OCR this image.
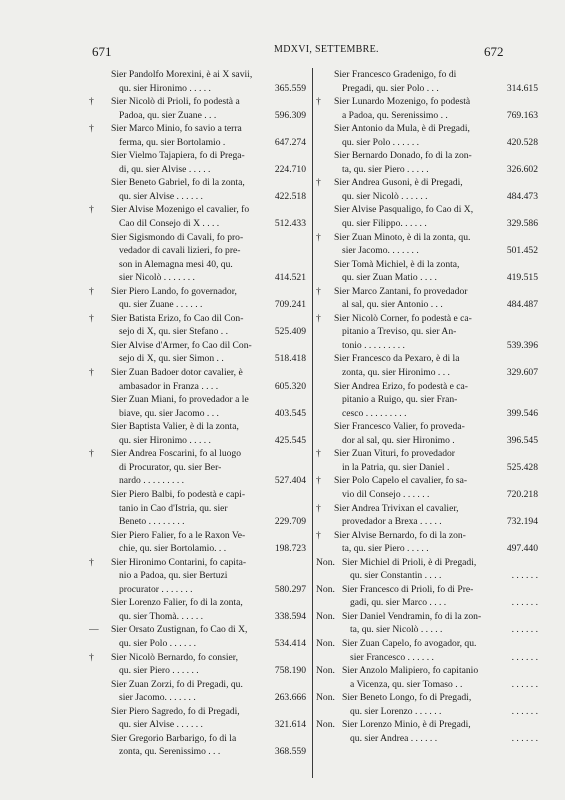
671	MDXVI, SETTEMBRE.	672
Sier Pandolfo Morexini, è ai X savii,
qu. sier Hironimo . . . . .	365.559
†	Sier Nicolò di Prioli, fo podestà a
Padoa, qu. sier Zuane . . .	596.309
†	Sier Marco Minio, fo savio a terra
ferma, qu. sier Bortolamio .	647.274
Sier Vielmo Tajapiera, fo di Prega-
di, qu. sier Alvise . . . . .	224.710
Sier Beneto Gabriel, fo di la zonta,
qu. sier Alvise . . . . . .	422.518
†	Sier Alvise Mozenigo el cavalier, fo
Cao dil Consejo di X . . . .	512.433
Sier Sigismondo di Cavali, fo pro-
vedador di cavali lizieri, fo pre-
son in Alemagna mesi 40, qu.
sier Nicolò . . . . . . .	414.521
†	Sier Piero Lando, fo governador,
qu. sier Zuane . . . . . .	709.241
†	Sier Batista Erizo, fo Cao dil Con-
sejo di X, qu. sier Stefano . .	525.409
Sier Alvise d'Armer, fo Cao dil Con-
sejo di X, qu. sier Simon . .	518.418
†	Sier Zuan Badoer dotor cavalier, è
ambasador in Franza . . . .	605.320
Sier Zuan Miani, fo provedador a le
biave, qu. sier Jacomo . . .	403.545
Sier Baptista Valier, è di la zonta,
qu. sier Hironimo . . . . .	425.545
†	Sier Andrea Foscarini, fo al luogo
di Procurator, qu. sier Ber-
nardo . . . . . . . . .	527.404
Sier Piero Balbi, fo podestà e capi-
tanio in Cao d'Istria, qu. sier
Beneto . . . . . . . .	229.709
Sier Piero Falier, fo a le Raxon Ve-
chie, qu. sier Bortolamio. . .	198.723
†	Sier Hironimo Contarini, fo capita-
nio a Padoa, qu. sier Bertuzi
procurator . . . . . . .	580.297
Sier Lorenzo Falier, fo di la zonta,
qu. sier Thomà. . . . . .	338.594
—	Sier Orsato Zustignan, fo Cao di X,
qu. sier Polo . . . . . .	534.414
†	Sier Nicolò Bernardo, fo consier,
qu. sier Piero . . . . . .	758.190
Sier Zuan Zorzi, fo di Pregadi, qu.
sier Jacomo. . . . . . .	263.666
Sier Piero Sagredo, fo di Pregadi,
qu. sier Alvise . . . . . .	321.614
Sier Gregorio Barbarigo, fo di la
zonta, qu. Serenissimo . . .	368.559
Sier Francesco Gradenigo, fo di
Pregadi, qu. sier Polo . . .	314.615
†	Sier Lunardo Mozenigo, fo podestà
a Padoa, qu. Serenissimo . .	769.163
Sier Antonio da Mula, è di Pregadi,
qu. sier Polo . . . . . .	420.528
Sier Bernardo Donado, fo di la zon-
ta, qu. sier Piero . . . . .	326.602
†	Sier Andrea Gusoni, è di Pregadi,
qu. sier Nicolò . . . . . .	484.473
Sier Alvise Pasqualigo, fo Cao di X,
qu. sier Filippo. . . . . .	329.586
†	Sier Zuan Minoto, è di la zonta, qu.
sier Jacomo. . . . . . .	501.452
Sier Tomà Michiel, è di la zonta,
qu. sier Zuan Matio . . . .	419.515
†	Sier Marco Zantani, fo provedador
al sal, qu. sier Antonio . . .	484.487
†	Sier Nicolò Corner, fo podestà e ca-
pitanio a Treviso, qu. sier An-
tonio . . . . . . . . .	539.396
Sier Francesco da Pexaro, è di la
zonta, qu. sier Hironimo . . .	329.607
Sier Andrea Erizo, fo podestà e ca-
pitanio a Ruigo, qu. sier Fran-
cesco . . . . . . . . .	399.546
Sier Francesco Valier, fo proveda-
dor al sal, qu. sier Hironimo .	396.545
†	Sier Zuan Vituri, fo provedador
in la Patria, qu. sier Daniel .	525.428
†	Sier Polo Capelo el cavalier, fo sa-
vio dil Consejo . . . . . .	720.218
†	Sier Andrea Trivixan el cavalier,
provedador a Brexa . . . . .	732.194
†	Sier Alvise Bernardo, fo di la zon-
ta, qu. sier Piero . . . . .	497.440
Non. Sier Michiel di Prioli, è di Pregadi,
qu. sier Constantin . . . .	. . . . . .
Non. Sier Francesco di Prioli, fo di Pre-
gadi, qu. sier Marco . . . .	. . . . . .
Non. Sier Daniel Vendramin, fo di la zon-
ta, qu. sier Nicolò . . . . .	. . . . . .
Non. Sier Zuan Capelo, fo avogador, qu.
sier Francesco . . . . . .	. . . . . .
Non. Sier Anzolo Malipiero, fo capitanio
a Vicenza, qu. sier Tomaso . .	. . . . . .
Non. Sier Beneto Longo, fo di Pregadi,
qu. sier Lorenzo . . . . . .	. . . . . .
Non. Sier Lorenzo Minio, è di Pregadi,
qu. sier Andrea . . . . . .	. . . . . .
